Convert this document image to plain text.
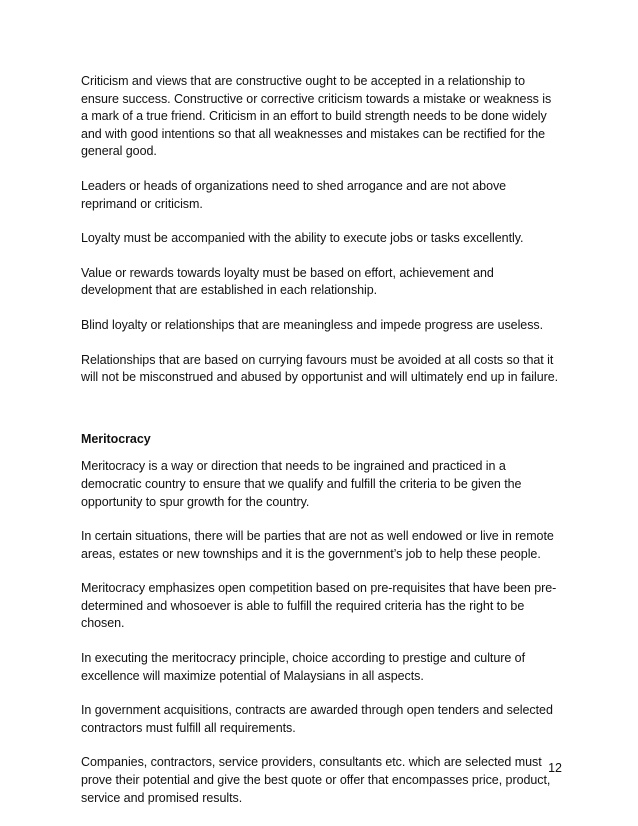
Criticism and views that are constructive ought to be accepted in a relationship to ensure success. Constructive or corrective criticism towards a mistake or weakness is a mark of a true friend. Criticism in an effort to build strength needs to be done widely and with good intentions so that all weaknesses and mistakes can be rectified for the general good.

Leaders or heads of organizations need to shed arrogance and are not above reprimand or criticism.

Loyalty must be accompanied with the ability to execute jobs or tasks excellently.

Value or rewards towards loyalty must be based on effort, achievement and development that are established in each relationship.

Blind loyalty or relationships that are meaningless and impede progress are useless.

Relationships that are based on currying favours must be avoided at all costs so that it will not be misconstrued and abused by opportunist and will ultimately end up in failure.

Meritocracy

Meritocracy is a way or direction that needs to be ingrained and practiced in a democratic country to ensure that we qualify and fulfill the criteria to be given the opportunity to spur growth for the country.

In certain situations, there will be parties that are not as well endowed or live in remote areas, estates or new townships and it is the government’s job to help these people.

Meritocracy emphasizes open competition based on pre-requisites that have been pre-determined and whosoever is able to fulfill the required criteria has the right to be chosen.

In executing the meritocracy principle, choice according to prestige and culture of excellence will maximize potential of Malaysians in all aspects.

In government acquisitions, contracts are awarded through open tenders and selected contractors must fulfill all requirements.

Companies, contractors, service providers, consultants etc. which are selected must prove their potential and give the best quote or offer that encompasses price, product, service and promised results.

12
